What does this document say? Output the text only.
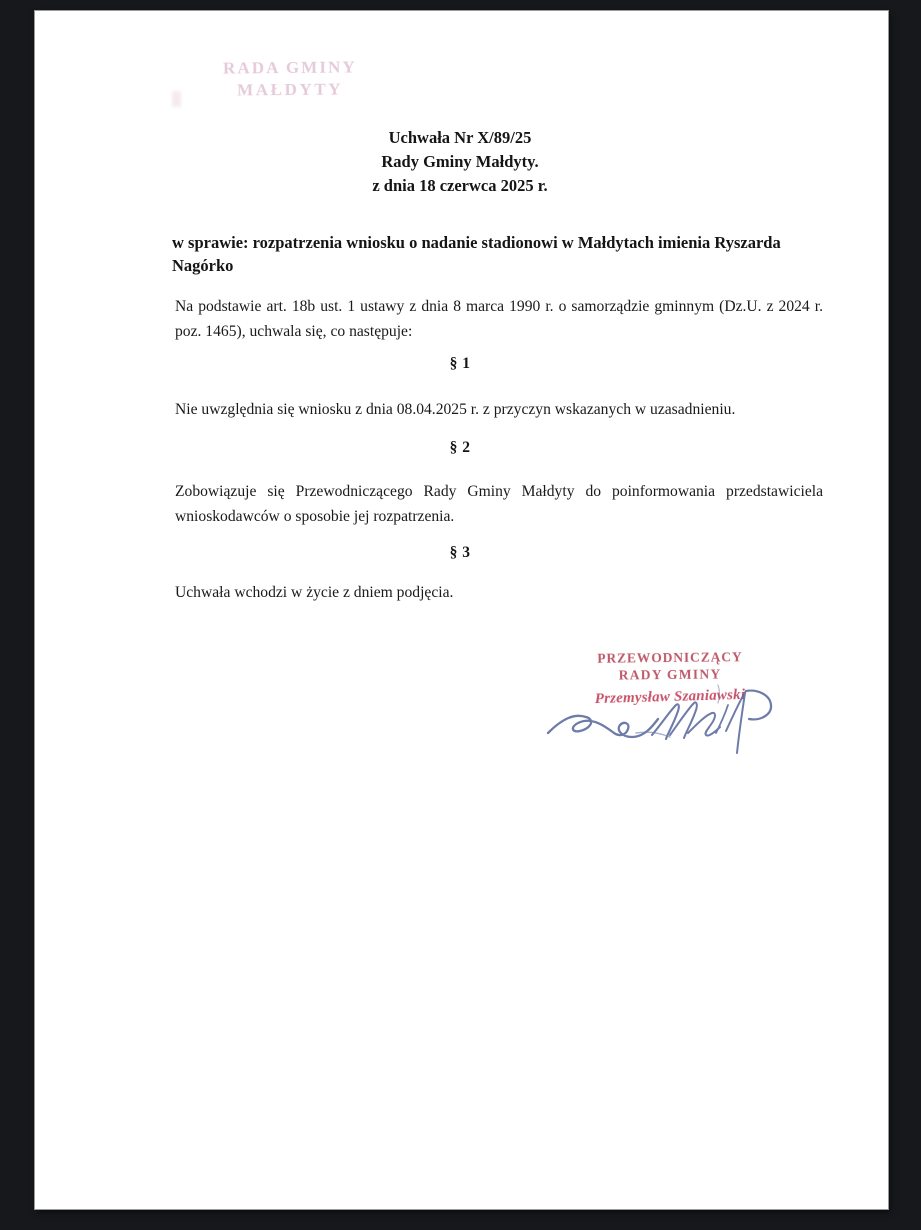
RADA GMINY
MAŁDYTY
Uchwała Nr X/89/25
Rady Gminy Małdyty.
z dnia 18 czerwca 2025 r.
w sprawie: rozpatrzenia wniosku o nadanie stadionowi w Małdytach imienia Ryszarda Nagórko
Na podstawie art. 18b ust. 1 ustawy z dnia 8 marca 1990 r. o samorządzie gminnym (Dz.U. z 2024 r. poz. 1465), uchwala się, co następuje:
§ 1
Nie uwzględnia się wniosku z dnia 08.04.2025 r. z przyczyn wskazanych w uzasadnieniu.
§ 2
Zobowiązuje się Przewodniczącego Rady Gminy Małdyty do poinformowania przedstawiciela wnioskodawców o sposobie jej rozpatrzenia.
§ 3
Uchwała wchodzi w życie z dniem podjęcia.
PRZEWODNICZĄCY
RADY GMINY
Przemysław Szaniawski
